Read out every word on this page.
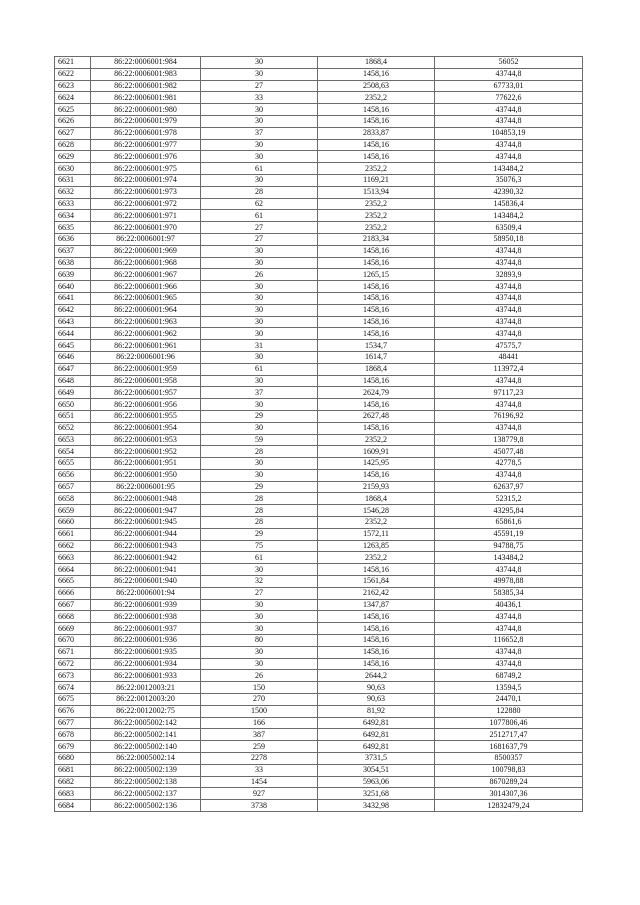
6621	86:22:0006001:984	30	1868,4	56052
6622	86:22:0006001:983	30	1458,16	43744,8
6623	86:22:0006001:982	27	2508,63	67733,01
6624	86:22:0006001:981	33	2352,2	77622,6
6625	86:22:0006001:980	30	1458,16	43744,8
6626	86:22:0006001:979	30	1458,16	43744,8
6627	86:22:0006001:978	37	2833,87	104853,19
6628	86:22:0006001:977	30	1458,16	43744,8
6629	86:22:0006001:976	30	1458,16	43744,8
6630	86:22:0006001:975	61	2352,2	143484,2
6631	86:22:0006001:974	30	1169,21	35076,3
6632	86:22:0006001:973	28	1513,94	42390,32
6633	86:22:0006001:972	62	2352,2	145836,4
6634	86:22:0006001:971	61	2352,2	143484,2
6635	86:22:0006001:970	27	2352,2	63509,4
6636	86:22:0006001:97	27	2183,34	58950,18
6637	86:22:0006001:969	30	1458,16	43744,8
6638	86:22:0006001:968	30	1458,16	43744,8
6639	86:22:0006001:967	26	1265,15	32893,9
6640	86:22:0006001:966	30	1458,16	43744,8
6641	86:22:0006001:965	30	1458,16	43744,8
6642	86:22:0006001:964	30	1458,16	43744,8
6643	86:22:0006001:963	30	1458,16	43744,8
6644	86:22:0006001:962	30	1458,16	43744,8
6645	86:22:0006001:961	31	1534,7	47575,7
6646	86:22:0006001:96	30	1614,7	48441
6647	86:22:0006001:959	61	1868,4	113972,4
6648	86:22:0006001:958	30	1458,16	43744,8
6649	86:22:0006001:957	37	2624,79	97117,23
6650	86:22:0006001:956	30	1458,16	43744,8
6651	86:22:0006001:955	29	2627,48	76196,92
6652	86:22:0006001:954	30	1458,16	43744,8
6653	86:22:0006001:953	59	2352,2	138779,8
6654	86:22:0006001:952	28	1609,91	45077,48
6655	86:22:0006001:951	30	1425,95	42778,5
6656	86:22:0006001:950	30	1458,16	43744,8
6657	86:22:0006001:95	29	2159,93	62637,97
6658	86:22:0006001:948	28	1868,4	52315,2
6659	86:22:0006001:947	28	1546,28	43295,84
6660	86:22:0006001:945	28	2352,2	65861,6
6661	86:22:0006001:944	29	1572,11	45591,19
6662	86:22:0006001:943	75	1263,85	94788,75
6663	86:22:0006001:942	61	2352,2	143484,2
6664	86:22:0006001:941	30	1458,16	43744,8
6665	86:22:0006001:940	32	1561,84	49978,88
6666	86:22:0006001:94	27	2162,42	58385,34
6667	86:22:0006001:939	30	1347,87	40436,1
6668	86:22:0006001:938	30	1458,16	43744,8
6669	86:22:0006001:937	30	1458,16	43744,8
6670	86:22:0006001:936	80	1458,16	116652,8
6671	86:22:0006001:935	30	1458,16	43744,8
6672	86:22:0006001:934	30	1458,16	43744,8
6673	86:22:0006001:933	26	2644,2	68749,2
6674	86:22:0012003:21	150	90,63	13594,5
6675	86:22:0012003:20	270	90,63	24470,1
6676	86:22:0012002:75	1500	81,92	122880
6677	86:22:0005002:142	166	6492,81	1077806,46
6678	86:22:0005002:141	387	6492,81	2512717,47
6679	86:22:0005002:140	259	6492,81	1681637,79
6680	86:22:0005002:14	2278	3731,5	8500357
6681	86:22:0005002:139	33	3054,51	100798,83
6682	86:22:0005002:138	1454	5963,06	8670289,24
6683	86:22:0005002:137	927	3251,68	3014307,36
6684	86:22:0005002:136	3738	3432,98	12832479,24
